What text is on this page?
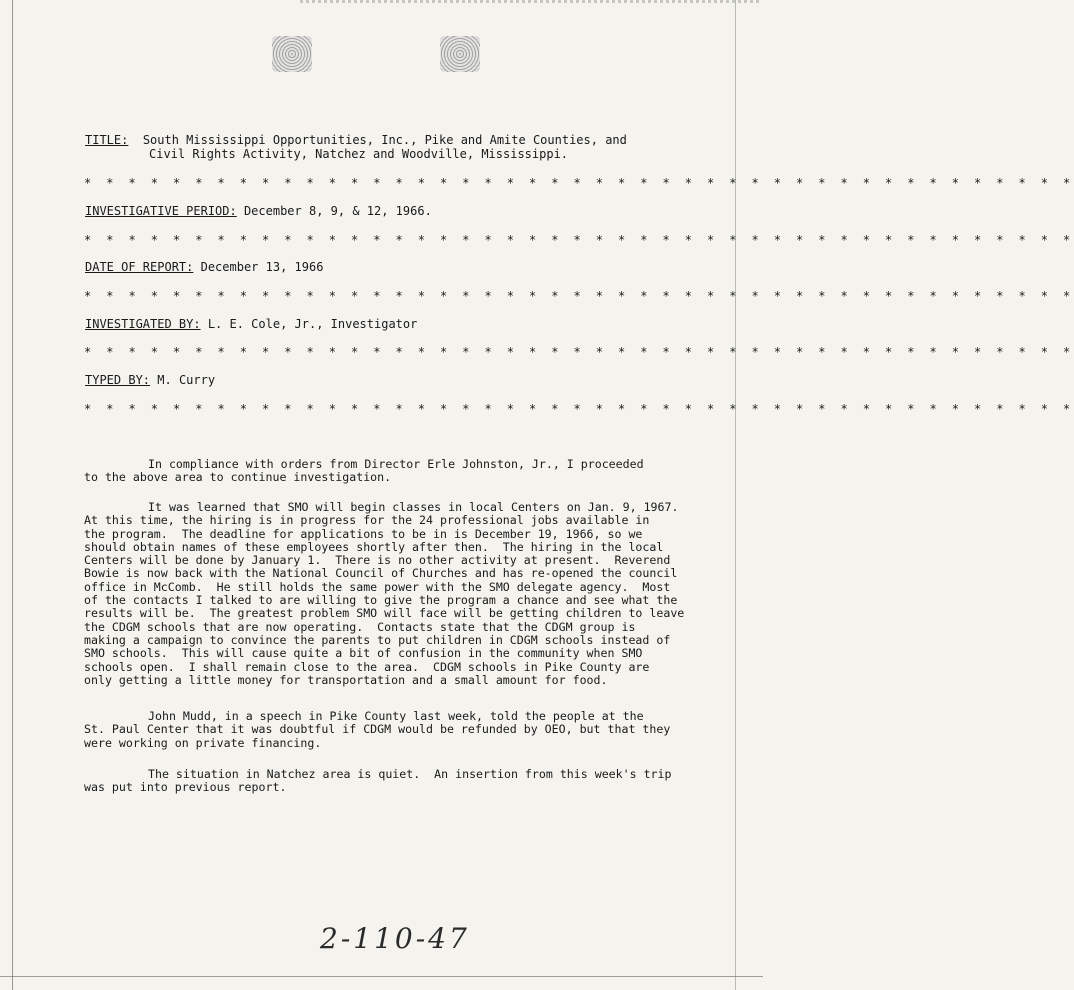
TITLE: South Mississippi Opportunities, Inc., Pike and Amite Counties, and
Civil Rights Activity, Natchez and Woodville, Mississippi.
* * * * * * * * * * * * * * * * * * * * * * * * * * * * * * * * * * * * * * * * * * * * *
INVESTIGATIVE PERIOD: December 8, 9, & 12, 1966.
* * * * * * * * * * * * * * * * * * * * * * * * * * * * * * * * * * * * * * * * * * * * *
DATE OF REPORT: December 13, 1966
* * * * * * * * * * * * * * * * * * * * * * * * * * * * * * * * * * * * * * * * * * * * *
INVESTIGATED BY: L. E. Cole, Jr., Investigator
* * * * * * * * * * * * * * * * * * * * * * * * * * * * * * * * * * * * * * * * * * * * *
TYPED BY: M. Curry
* * * * * * * * * * * * * * * * * * * * * * * * * * * * * * * * * * * * * * * * * * * * *
In compliance with orders from Director Erle Johnston, Jr., I proceeded
to the above area to continue investigation.
It was learned that SMO will begin classes in local Centers on Jan. 9, 1967.
At this time, the hiring is in progress for the 24 professional jobs available in
the program.  The deadline for applications to be in is December 19, 1966, so we
should obtain names of these employees shortly after then.  The hiring in the local
Centers will be done by January 1.  There is no other activity at present.  Reverend
Bowie is now back with the National Council of Churches and has re-opened the council
office in McComb.  He still holds the same power with the SMO delegate agency.  Most
of the contacts I talked to are willing to give the program a chance and see what the
results will be.  The greatest problem SMO will face will be getting children to leave
the CDGM schools that are now operating.  Contacts state that the CDGM group is
making a campaign to convince the parents to put children in CDGM schools instead of
SMO schools.  This will cause quite a bit of confusion in the community when SMO
schools open.  I shall remain close to the area.  CDGM schools in Pike County are
only getting a little money for transportation and a small amount for food.
John Mudd, in a speech in Pike County last week, told the people at the
St. Paul Center that it was doubtful if CDGM would be refunded by OEO, but that they
were working on private financing.
The situation in Natchez area is quiet.  An insertion from this week's trip
was put into previous report.
2-110-47
